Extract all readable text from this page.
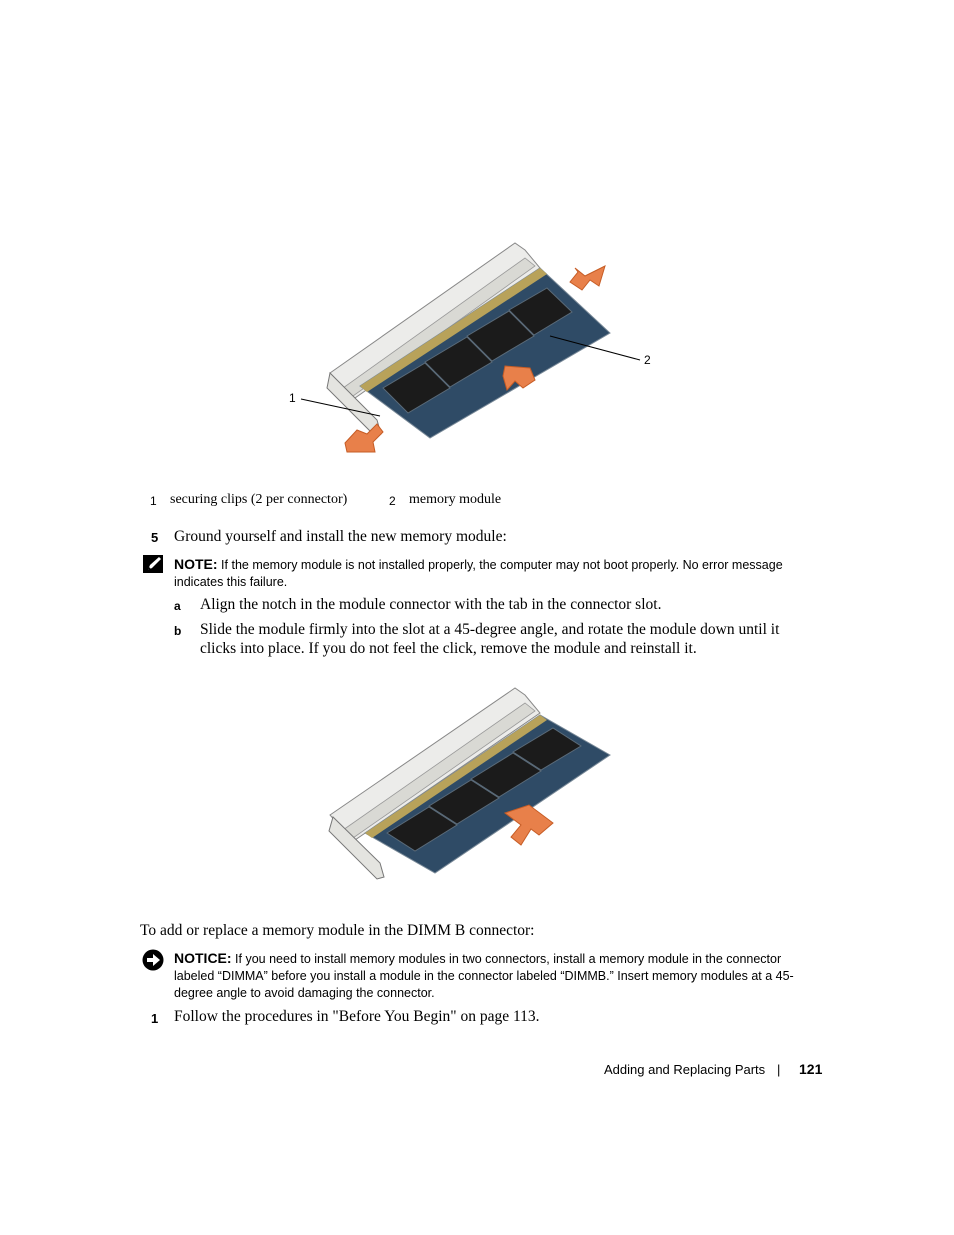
1
2
1 securing clips (2 per connector)	2 memory module
5 Ground yourself and install the new memory module:
NOTE: If the memory module is not installed properly, the computer may not boot properly. No error message
indicates this failure.
a Align the notch in the module connector with the tab in the connector slot.
b Slide the module firmly into the slot at a 45-degree angle, and rotate the module down until it
clicks into place. If you do not feel the click, remove the module and reinstall it.
To add or replace a memory module in the DIMM B connector:
NOTICE: If you need to install memory modules in two connectors, install a memory module in the connector
labeled “DIMMA” before you install a module in the connector labeled “DIMMB.” Insert memory modules at a 45-
degree angle to avoid damaging the connector.
1 Follow the procedures in "Before You Begin" on page 113.
Adding and Replacing Parts | 121
